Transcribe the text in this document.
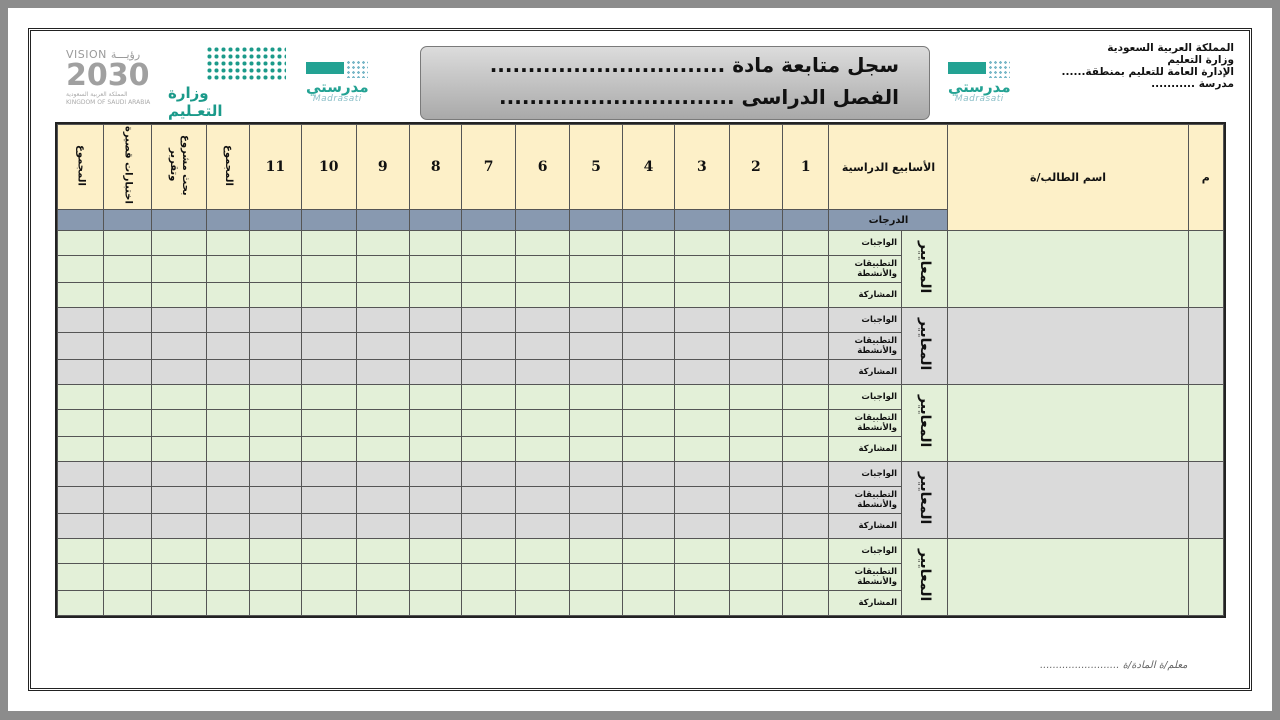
المملكة العربية السعودية
وزارة التعليم
الإدارة العامة للتعليم بمنطقة......
مدرسة ...........
مدرستي
Madrasati
سجل متابعة مادة ...............................
الفصل الدراسى ...............................
مدرستي
Madrasati
وزارة التعـليم
VISION رؤيـــة
2030
المملكة العربية السعودية
KINGDOM OF SAUDI ARABIA
المجموع	اختبارات قصيرة	بحث مشروع وتقرير	المجموع	11	10	9	8	7	6	5	4	3	2	1	الأسابيع الدراسية		اسم الطالب/ة	م
															الدرجات			
															الواجبات	المعايير		
															التطبيقات والأنشطة			
															المشاركة			
															الواجبات	المعايير		
															التطبيقات والأنشطة			
															المشاركة			
															الواجبات	المعايير		
															التطبيقات والأنشطة			
															المشاركة			
															الواجبات	المعايير		
															التطبيقات والأنشطة			
															المشاركة			
															الواجبات	المعايير		
															التطبيقات والأنشطة			
															المشاركة			
معلم/ة المادة/ة .........................
